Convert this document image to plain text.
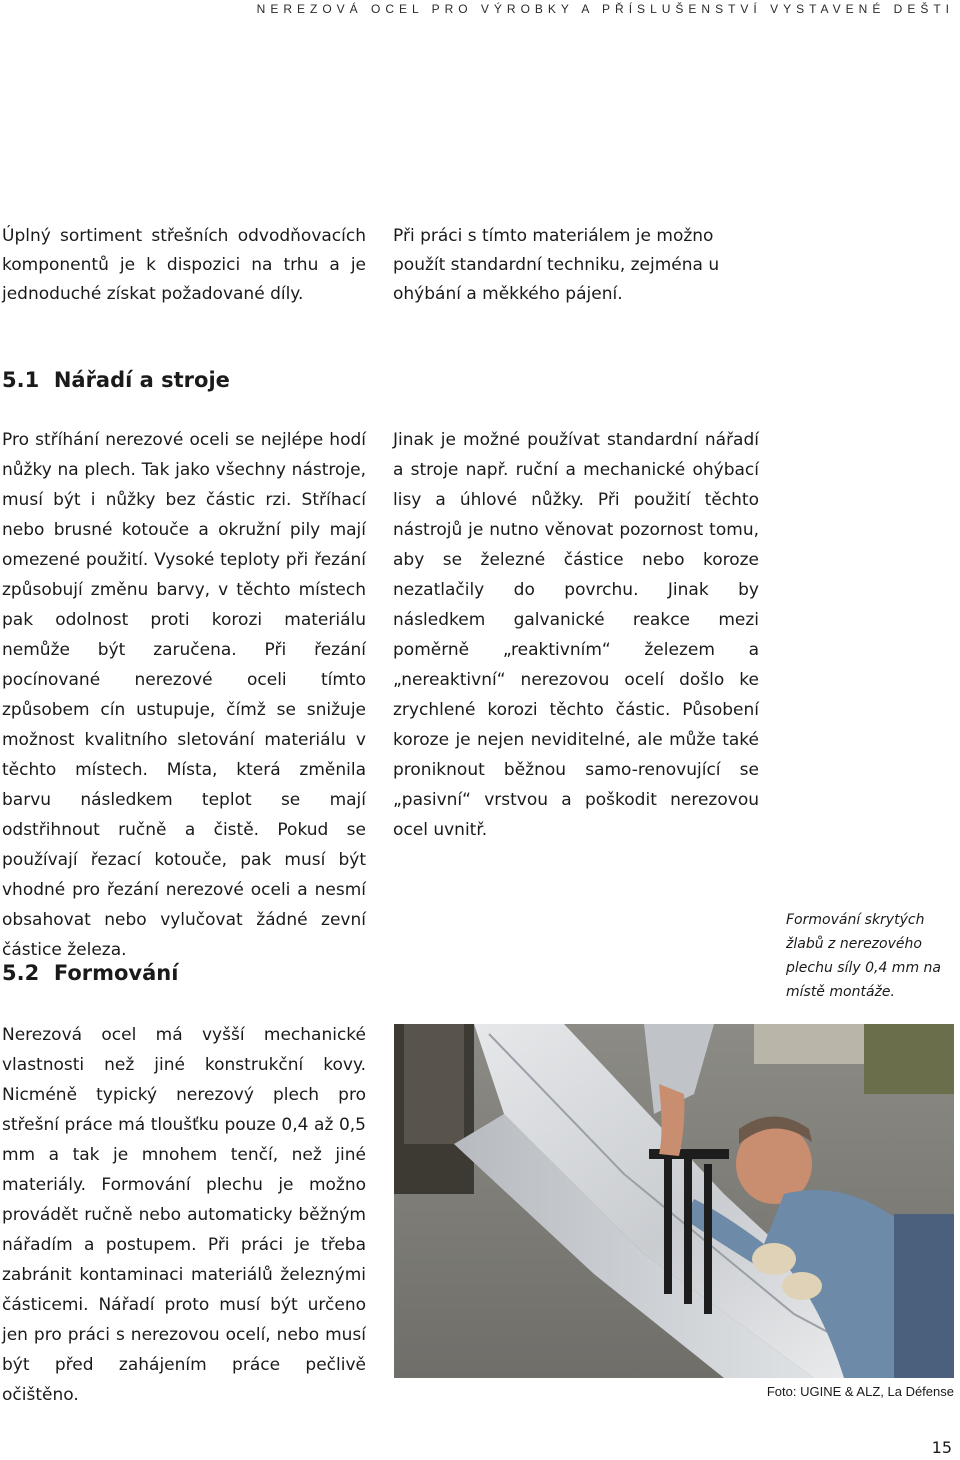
NEREZOVÁ OCEL PRO VÝROBKY A PŘÍSLUŠENSTVÍ VYSTAVENÉ DEŠTI

Úplný sortiment střešních odvodňovacích komponentů je k dispozici na trhu a je jednoduché získat požadované díly.

Při práci s tímto materiálem je možno použít standardní techniku, zejména u ohýbání a měkkého pájení.

5.1 Nářadí a stroje

Pro stříhání nerezové oceli se nejlépe hodí nůžky na plech. Tak jako všechny nástroje, musí být i nůžky bez částic rzi. Stříhací nebo brusné kotouče a okružní pily mají omezené použití. Vysoké teploty při řezání způsobují změnu barvy, v těchto místech pak odolnost proti korozi materiálu nemůže být zaručena. Při řezání pocínované nerezové oceli tímto způsobem cín ustupuje, čímž se snižuje možnost kvalitního sletování materiálu v těchto místech. Místa, která změnila barvu následkem teplot se mají odstřihnout ručně a čistě. Pokud se používají řezací kotouče, pak musí být vhodné pro řezání nerezové oceli a nesmí obsahovat nebo vylučovat žádné zevní částice železa.

Jinak je možné používat standardní nářadí a stroje např. ruční a mechanické ohýbací lisy a úhlové nůžky. Při použití těchto nástrojů je nutno věnovat pozornost tomu, aby se železné částice nebo koroze nezatlačily do povrchu. Jinak by následkem galvanické reakce mezi poměrně „reaktivním“ železem a „nereaktivní“ nerezovou ocelí došlo ke zrychlené korozi těchto částic. Působení koroze je nejen neviditelné, ale může také proniknout běžnou samo-renovující se „pasivní“ vrstvou a poškodit nerezovou ocel uvnitř.

5.2 Formování

Nerezová ocel má vyšší mechanické vlastnosti než jiné konstrukční kovy. Nicméně typický nerezový plech pro střešní práce má tloušťku pouze 0,4 až 0,5 mm a tak je mnohem tenčí, než jiné materiály. Formování plechu je možno provádět ručně nebo automaticky běžným nářadím a postupem. Při práci je třeba zabránit kontaminaci materiálů železnými částicemi. Nářadí proto musí být určeno jen pro práci s nerezovou ocelí, nebo musí být před zahájením práce pečlivě očištěno.

Formování skrytých žlabů z nerezového plechu síly 0,4 mm na místě montáže.

Foto: UGINE & ALZ, La Défense
15
